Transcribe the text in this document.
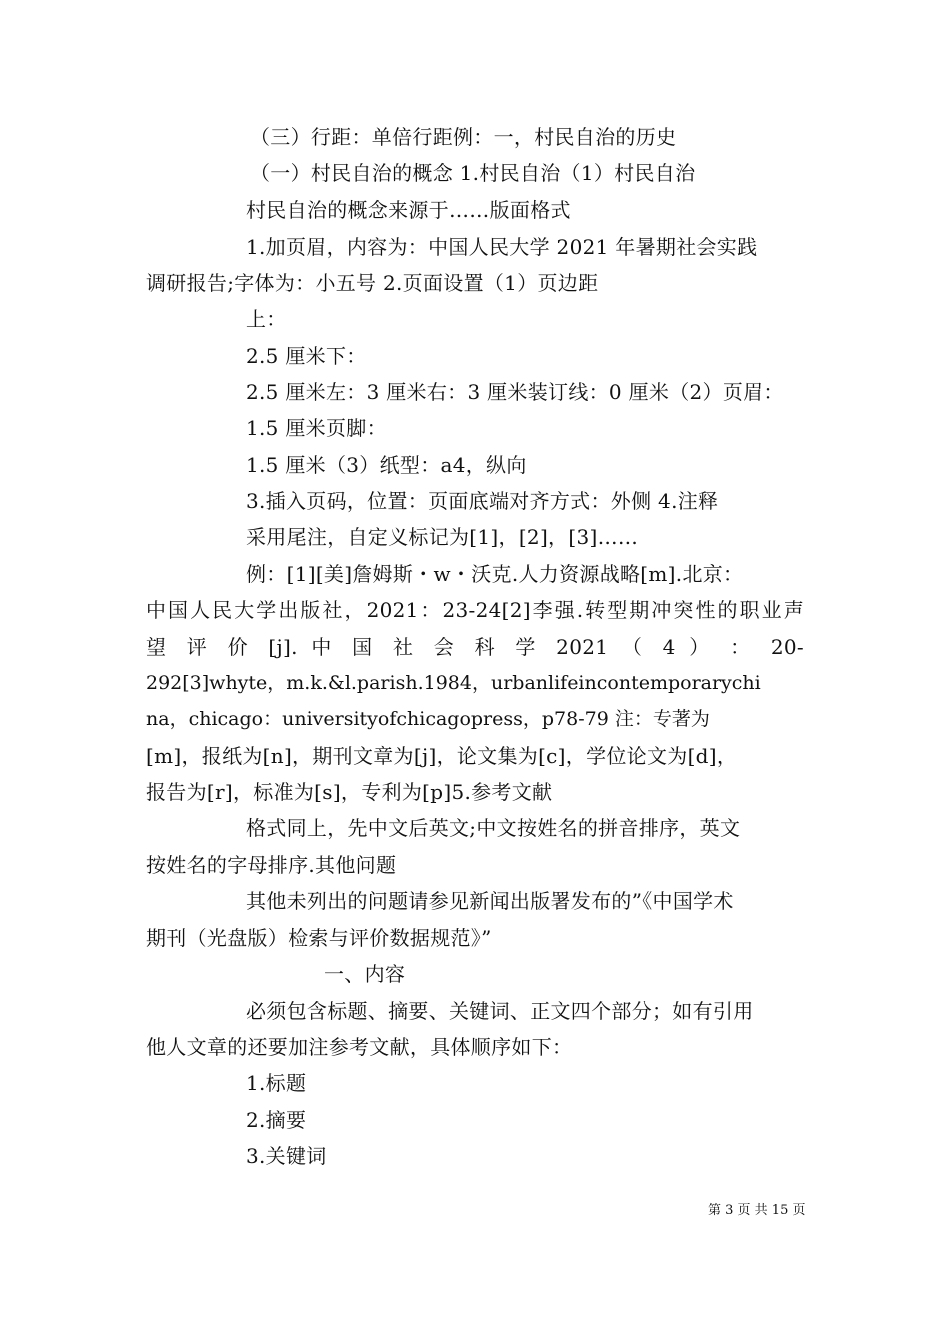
（三）行距：单倍行距例：一，村民自治的历史
（一）村民自治的概念 1.村民自治（1）村民自治
村民自治的概念来源于……版面格式
1.加页眉，内容为：中国人民大学 2021 年暑期社会实践
调研报告;字体为：小五号 2.页面设置（1）页边距
上：
2.5 厘米下：
2.5 厘米左：3 厘米右：3 厘米装订线：0 厘米（2）页眉：
1.5 厘米页脚：
1.5 厘米（3）纸型：a4，纵向
3.插入页码，位置：页面底端对齐方式：外侧 4.注释
采用尾注，自定义标记为[1]，[2]，[3]……
例：[1][美]詹姆斯・w・沃克.人力资源战略[m].北京：
中国人民大学出版社，2021：23-24[2]李强.转型期冲突性的职业声
望 评 价 [j]. 中 国 社 会 科 学 2021 （ 4 ） ： 20-
292[3]whyte，m.k.&l.parish.1984，urbanlifeincontemporarychi
na，chicago：universityofchicagopress，p78-79 注：专著为
[m]，报纸为[n]，期刊文章为[j]，论文集为[c]，学位论文为[d]，
报告为[r]，标准为[s]，专利为[p]5.参考文献
格式同上，先中文后英文;中文按姓名的拼音排序，英文
按姓名的字母排序.其他问题
其他未列出的问题请参见新闻出版署发布的”《中国学术
期刊（光盘版）检索与评价数据规范》”
一、内容
必须包含标题、摘要、关键词、正文四个部分；如有引用
他人文章的还要加注参考文献，具体顺序如下：
1.标题
2.摘要
3.关键词
第 3 页 共 15 页
